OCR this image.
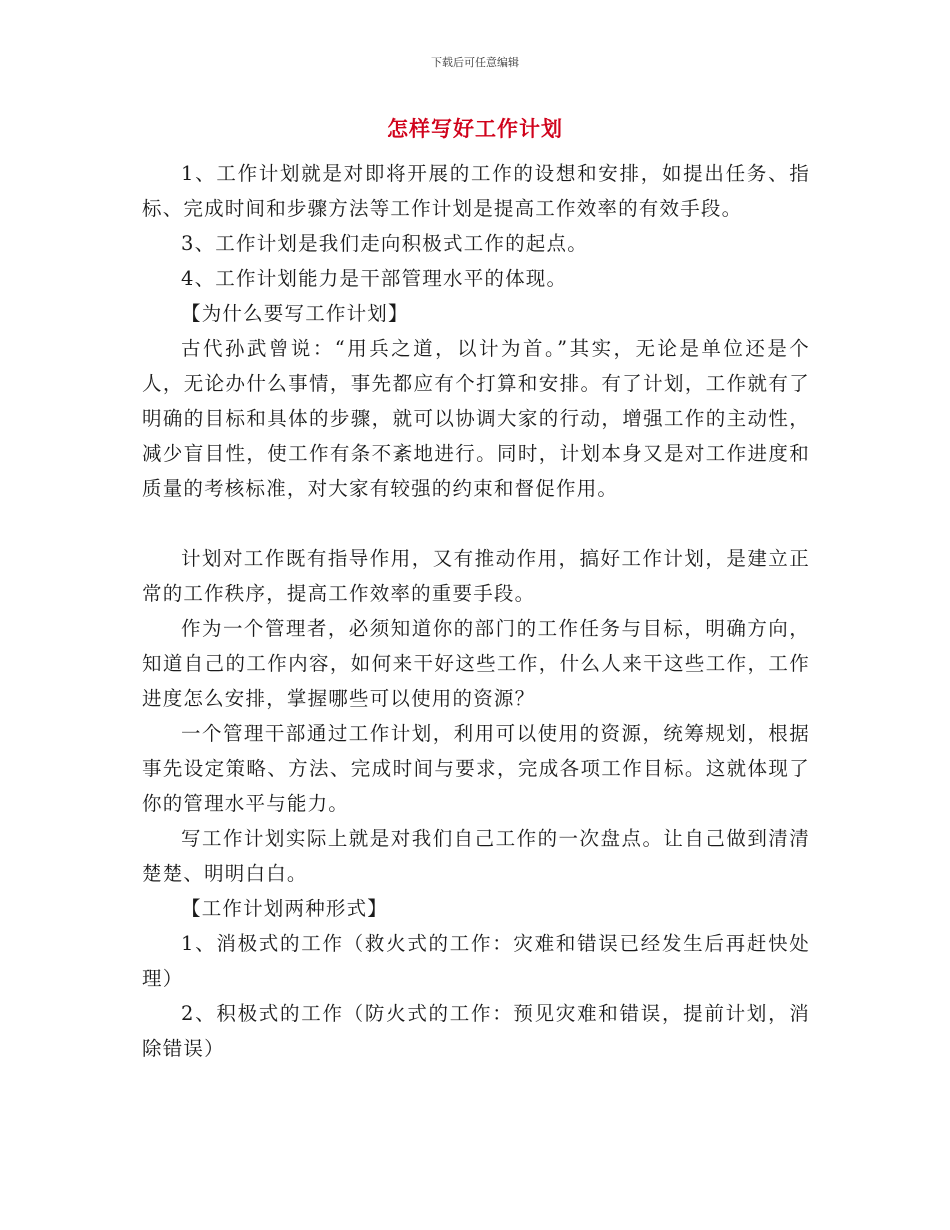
下载后可任意编辑
怎样写好工作计划

1、工作计划就是对即将开展的工作的设想和安排，如提出任务、指标、完成时间和步骤方法等工作计划是提高工作效率的有效手段。

3、工作计划是我们走向积极式工作的起点。

4、工作计划能力是干部管理水平的体现。

【为什么要写工作计划】

古代孙武曾说：“用兵之道，以计为首。”其实，无论是单位还是个人，无论办什么事情，事先都应有个打算和安排。有了计划，工作就有了明确的目标和具体的步骤，就可以协调大家的行动，增强工作的主动性，减少盲目性，使工作有条不紊地进行。同时，计划本身又是对工作进度和质量的考核标准，对大家有较强的约束和督促作用。

计划对工作既有指导作用，又有推动作用，搞好工作计划，是建立正常的工作秩序，提高工作效率的重要手段。

作为一个管理者，必须知道你的部门的工作任务与目标，明确方向，知道自己的工作内容，如何来干好这些工作，什么人来干这些工作，工作进度怎么安排，掌握哪些可以使用的资源？

一个管理干部通过工作计划，利用可以使用的资源，统筹规划，根据事先设定策略、方法、完成时间与要求，完成各项工作目标。这就体现了你的管理水平与能力。

写工作计划实际上就是对我们自己工作的一次盘点。让自己做到清清楚楚、明明白白。

【工作计划两种形式】

1、消极式的工作（救火式的工作：灾难和错误已经发生后再赶快处理）

2、积极式的工作（防火式的工作：预见灾难和错误，提前计划，消除错误）
